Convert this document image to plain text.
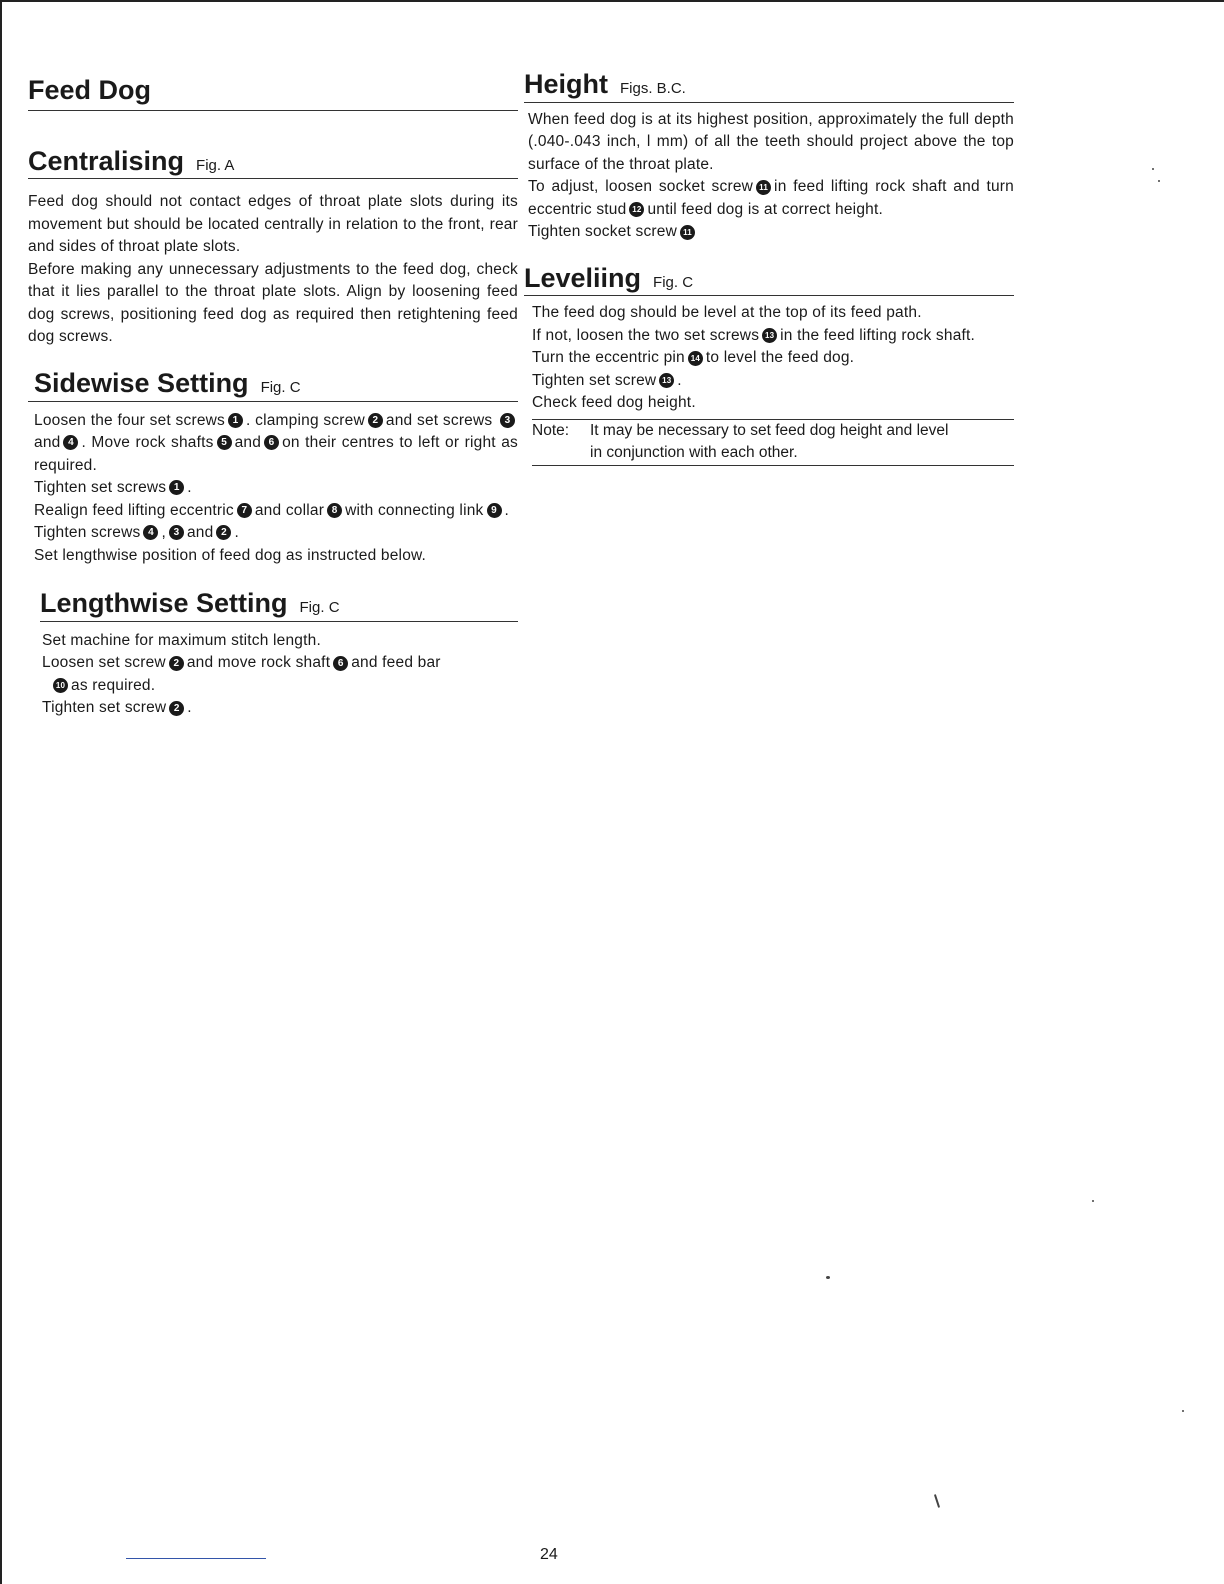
Feed Dog
Centralising Fig. A

Feed dog should not contact edges of throat plate slots during its movement but should be located centrally in relation to the front, rear and sides of throat plate slots.

Before making any unnecessary adjustments to the feed dog, check that it lies parallel to the throat plate slots. Align by loosening feed dog screws, positioning feed dog as required then retightening feed dog screws.

Sidewise Setting Fig. C

Loosen the four set screws 1 . clamping screw 2 and set screws 3and 4 . Move rock shafts 5 and 6 on their centres to left or right as required.

Tighten set screws 1 .

Realign feed lifting eccentric 7 and collar 8 with connecting link 9 .

Tighten screws 4 , 3 and 2 .

Set lengthwise position of feed dog as instructed below.

Lengthwise Setting Fig. C

Set machine for maximum stitch length.

Loosen set screw 2 and move rock shaft 6 and feed bar

10 as required.

Tighten set screw 2 .

Height Figs. B.C.

When feed dog is at its highest position, approximately the full depth (.040-.043 inch, l mm) of all the teeth should project above the top surface of the throat plate.

To adjust, loosen socket screw 11 in feed lifting rock shaft and turn eccentric stud 12 until feed dog is at correct height.

Tighten socket screw 11

Leveliing Fig. C

The feed dog should be level at the top of its feed path.

If not, loosen the two set screws 13 in the feed lifting rock shaft.

Turn the eccentric pin 14 to level the feed dog.

Tighten set screw 13 .

Check feed dog height.

Note:	It may be necessary to set feed dog height and level
in conjunction with each other.
24
